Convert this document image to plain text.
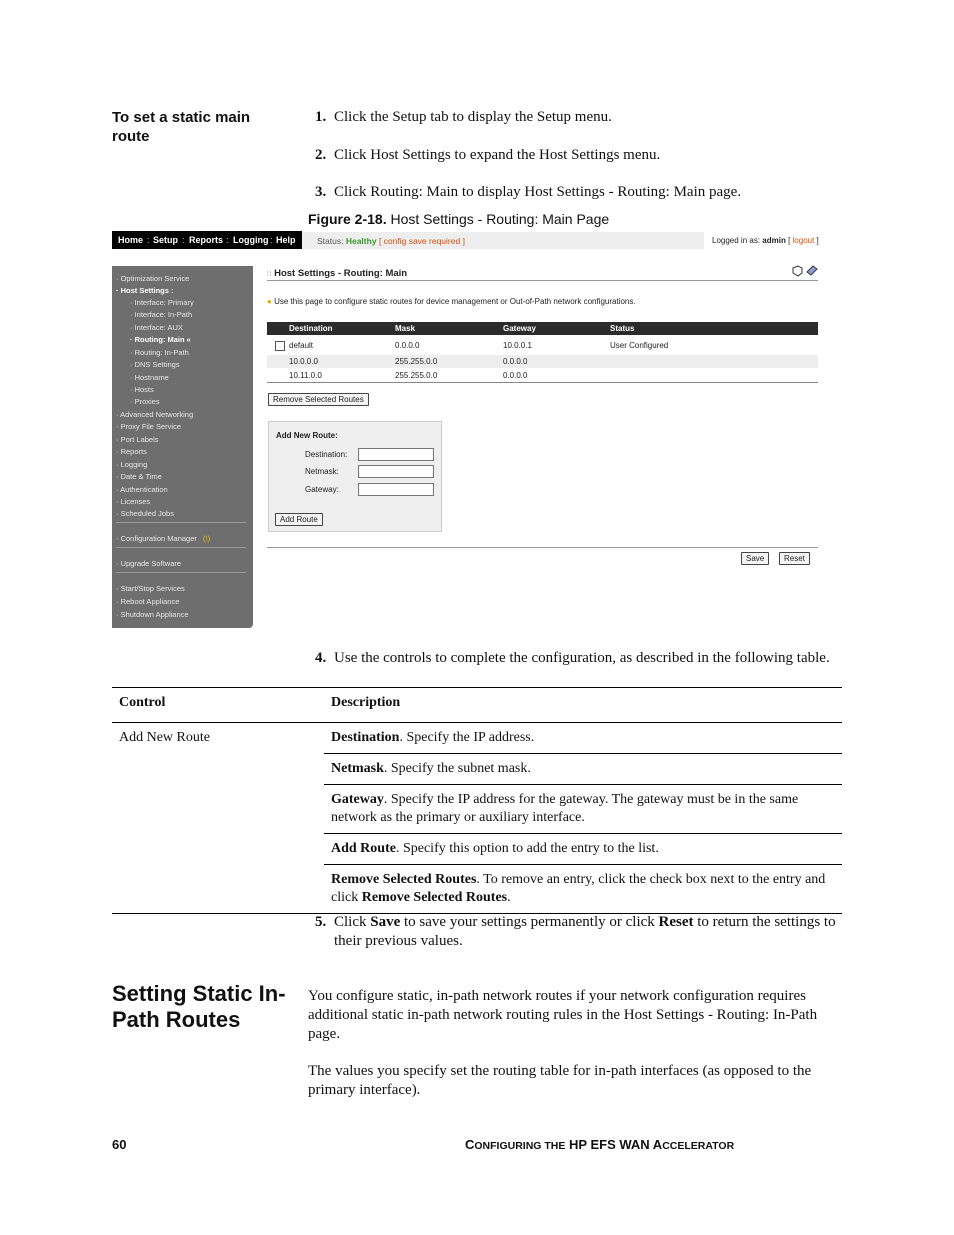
To set a static main route
1. Click the Setup tab to display the Setup menu.
2. Click Host Settings to expand the Host Settings menu.
3. Click Routing: Main to display Host Settings - Routing: Main page.
Figure 2-18. Host Settings - Routing: Main Page
Home : Setup : Reports : Logging : Help	Status: Healthy [ config save required ]	Logged in as: admin [ logout ]
· Optimization Service
· Host Settings :
· Interface: Primary
· Interface: In-Path
· Interface: AUX
· Routing: Main «
· Routing: In-Path
· DNS Settings
· Hostname
· Hosts
· Proxies
· Advanced Networking
· Proxy File Service
· Port Labels
· Reports
· Logging
· Date & Time
· Authentication
· Licenses
· Scheduled Jobs
· Configuration Manager (!)
· Upgrade Software
· Start/Stop Services
· Reboot Appliance
· Shutdown Appliance
∷ Host Settings - Routing: Main
● Use this page to configure static routes for device management or Out-of-Path network configurations.
Destination	Mask	Gateway	Status
default	0.0.0.0	10.0.0.1	User Configured
10.0.0.0	255.255.0.0	0.0.0.0
10.11.0.0	255.255.0.0	0.0.0.0
Remove Selected Routes
Add New Route:
Destination:
Netmask:
Gateway:
Add Route
Save	Reset
4. Use the controls to complete the configuration, as described in the following table.
Control	Description
Add New Route	Destination. Specify the IP address.
	Netmask. Specify the subnet mask.
	Gateway. Specify the IP address for the gateway. The gateway must be in the same network as the primary or auxiliary interface.
	Add Route. Specify this option to add the entry to the list.
	Remove Selected Routes. To remove an entry, click the check box next to the entry and click Remove Selected Routes.
5. Click Save to save your settings permanently or click Reset to return the settings to their previous values.
Setting Static In-Path Routes
You configure static, in-path network routes if your network configuration requires additional static in-path network routing rules in the Host Settings - Routing: In-Path page.
The values you specify set the routing table for in-path interfaces (as opposed to the primary interface).
60	CONFIGURING THE HP EFS WAN ACCELERATOR
